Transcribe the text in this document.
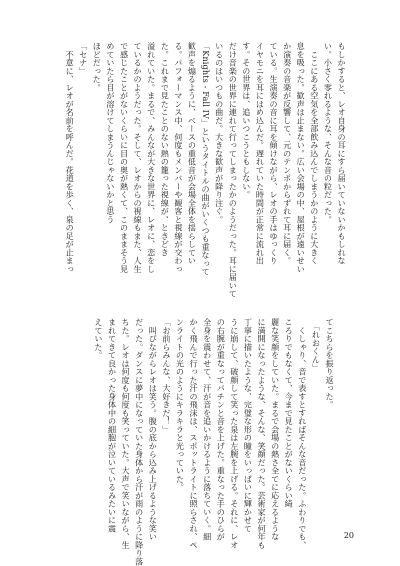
もしかすると、レオ自身の耳にすら届いていないかもしれな
い。小さく零れるような、そんな音の粒だった。
　ここにある空気を全部飲み込んでしまうかのように大きく
息を吸った。歓声は止まない。広い会場の中、屋根が遠いせい
か演奏の音楽が反響して、元のテンポからずれて耳に届く。
ている。生演奏の音に耳を傾けながら、レオの手はゆっくり
イヤモニを耳にはめ込んだ。遅れていた時間が正常に流れ出
す。その世界は、追いつこうともしない。
だけ音楽の世界に連れて行ってしまったかのようだった。耳に届いて
いるのはいつもの曲だ。大きな歓声が降り注ぐ。
「Knights - Fall IV」というタイトルの曲がいくつも重なって
歓声を煽るように、ベースの重低音が会場全体を揺らしてい
る。パフォーマンス中、何度もメンバーや観客と視線が交わっ
た。これまで見たことのない熱の籠った視線が、ときどき
溢れていた。まるで、みんなが大きな世界に、レオに、恋をし
ているかのようだった。そして、レオからの視線もまた、人生
で感じたことがないくらいに目の奥が熱くて、このままそう見
めていたら目が溶けてしまうんじゃないかと思う
ほどだった。
「セナ」
　不意に、レオが名前を呼んだ。花道を歩く、泉の足が止まっ
てこちらを振り返った。
　「れおくん」
　くしゃり、音で表すとすればそんな音だった。ふわりでも、
ころりでもなくて、今まで見たことがないくらい綺
麗な笑顔をしていた。まるで会場の熱さ全てに応えるような
に満開になったような、そんな、笑顔だった。芸術家が何年も
丁寧に描いたような、完璧な形の瞳をいっぱいに輝かせて
うに崩して、破顔して笑った泉は左腕を上げる。それに、レオ
の右腕が重なってパチンと音を上げた。重なった手のひらが
全身を震わせて、汗が音を追いかけるように落ちていく。細
かく飛んで行った汗の飛沫は、スポットライトに照らされ、ペ
ンライトの光のようにキラキラと光っていた。
「お前らみんな、大好きだ！」
　叫びながらレオは笑う。腹の底から込み上げるような笑い
だった。ダンスに夢中になっていた身体から汗が雨のように降り落
ちた。レオは何度も何度も笑っていた。大声で笑いながら、生
まれてきて良かった身体中の細胞が泣いているみたいに震
えていた。
20
